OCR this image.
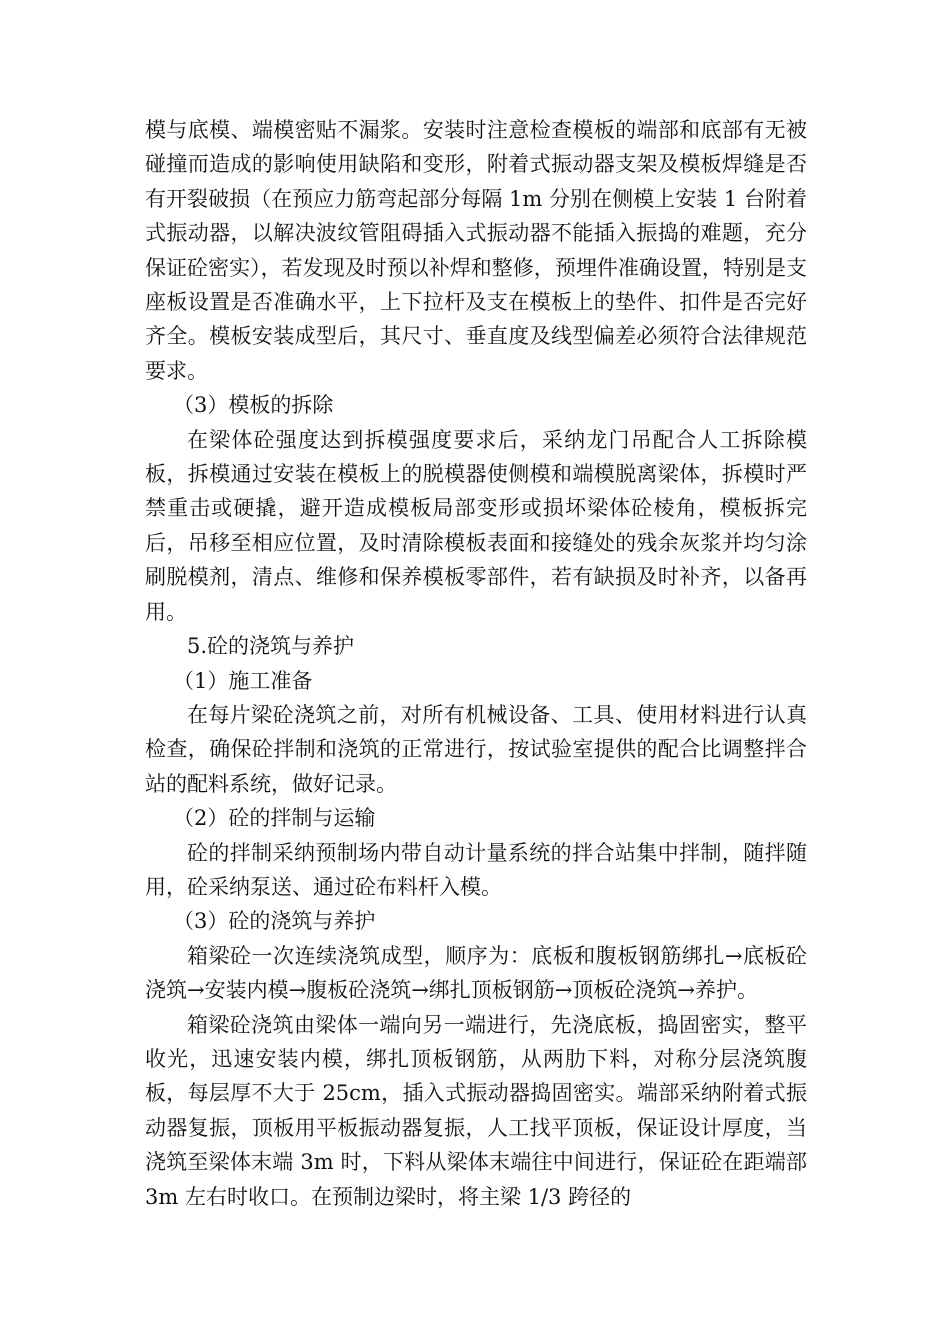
模与底模、端模密贴不漏浆。安装时注意检查模板的端部和底部有无被碰撞而造成的影响使用缺陷和变形，附着式振动器支架及模板焊缝是否有开裂破损（在预应力筋弯起部分每隔 1m 分别在侧模上安装 1 台附着式振动器，以解决波纹管阻碍插入式振动器不能插入振捣的难题，充分保证砼密实），若发现及时预以补焊和整修，预埋件准确设置，特别是支座板设置是否准确水平，上下拉杆及支在模板上的垫件、扣件是否完好齐全。模板安装成型后，其尺寸、垂直度及线型偏差必须符合法律规范要求。

（3）模板的拆除

在梁体砼强度达到拆模强度要求后，采纳龙门吊配合人工拆除模板，拆模通过安装在模板上的脱模器使侧模和端模脱离梁体，拆模时严禁重击或硬撬，避开造成模板局部变形或损坏梁体砼棱角，模板拆完后，吊移至相应位置，及时清除模板表面和接缝处的残余灰浆并均匀涂刷脱模剂，清点、维修和保养模板零部件，若有缺损及时补齐，以备再用。

5.砼的浇筑与养护

（1）施工准备

在每片梁砼浇筑之前，对所有机械设备、工具、使用材料进行认真检查，确保砼拌制和浇筑的正常进行，按试验室提供的配合比调整拌合站的配料系统，做好记录。

（2）砼的拌制与运输

砼的拌制采纳预制场内带自动计量系统的拌合站集中拌制，随拌随用，砼采纳泵送、通过砼布料杆入模。

（3）砼的浇筑与养护

箱梁砼一次连续浇筑成型，顺序为：底板和腹板钢筋绑扎→底板砼浇筑→安装内模→腹板砼浇筑→绑扎顶板钢筋→顶板砼浇筑→养护。

箱梁砼浇筑由梁体一端向另一端进行，先浇底板，捣固密实，整平收光，迅速安装内模，绑扎顶板钢筋，从两肋下料，对称分层浇筑腹板，每层厚不大于 25cm，插入式振动器捣固密实。端部采纳附着式振动器复振，顶板用平板振动器复振，人工找平顶板，保证设计厚度，当浇筑至梁体末端 3m 时，下料从梁体末端往中间进行，保证砼在距端部 3m 左右时收口。在预制边梁时，将主梁 1/3 跨径的
